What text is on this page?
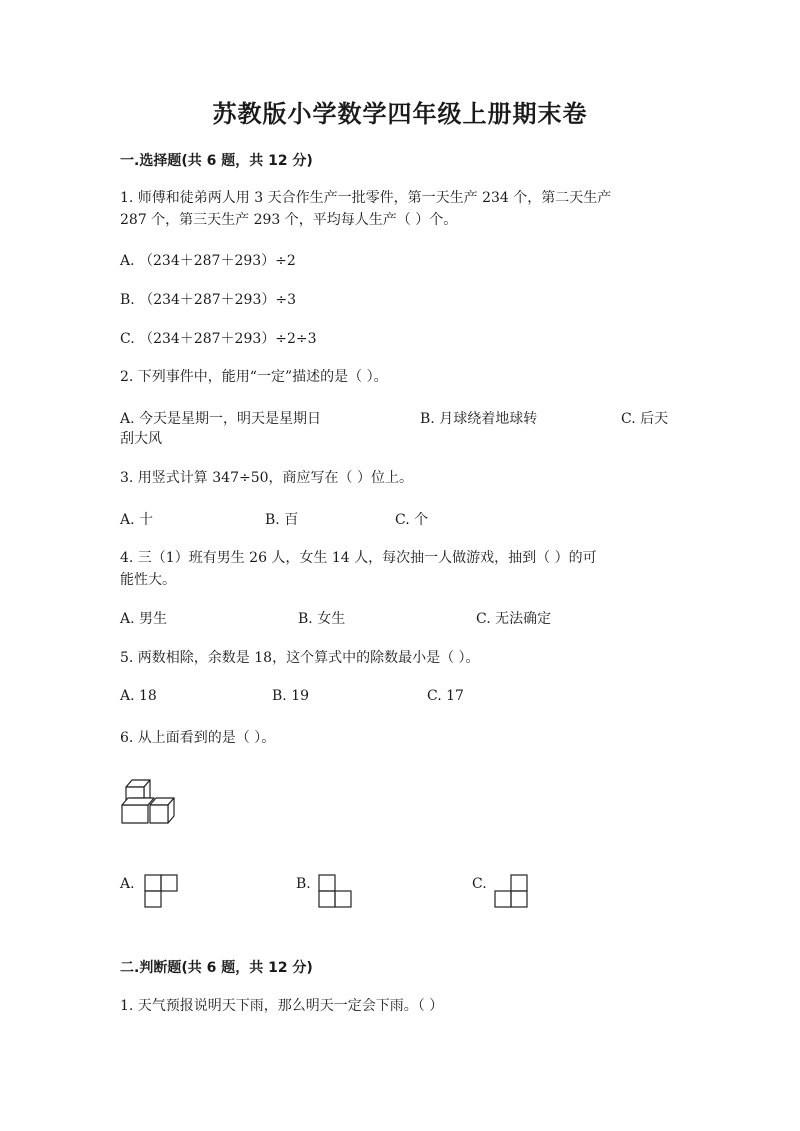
苏教版小学数学四年级上册期末卷
一.选择题(共 6 题，共 12 分)
1. 师傅和徒弟两人用 3 天合作生产一批零件，第一天生产 234 个，第二天生产
287 个，第三天生产 293 个，平均每人生产（ ）个。
A. （234＋287＋293）÷2
B. （234＋287＋293）÷3
C. （234＋287＋293）÷2÷3
2. 下列事件中，能用“一定”描述的是（ ）。
A. 今天是星期一，明天是星期日	B. 月球绕着地球转	C. 后天
刮大风
3. 用竖式计算 347÷50，商应写在（ ）位上。
A. 十	B. 百	C. 个
4. 三（1）班有男生 26 人，女生 14 人，每次抽一人做游戏，抽到（ ）的可
能性大。
A. 男生	B. 女生	C. 无法确定
5. 两数相除，余数是 18，这个算式中的除数最小是（ ）。
A. 18	B. 19	C. 17
6. 从上面看到的是（ ）。
A.	B.	C.
二.判断题(共 6 题，共 12 分)
1. 天气预报说明天下雨，那么明天一定会下雨。（ ）
